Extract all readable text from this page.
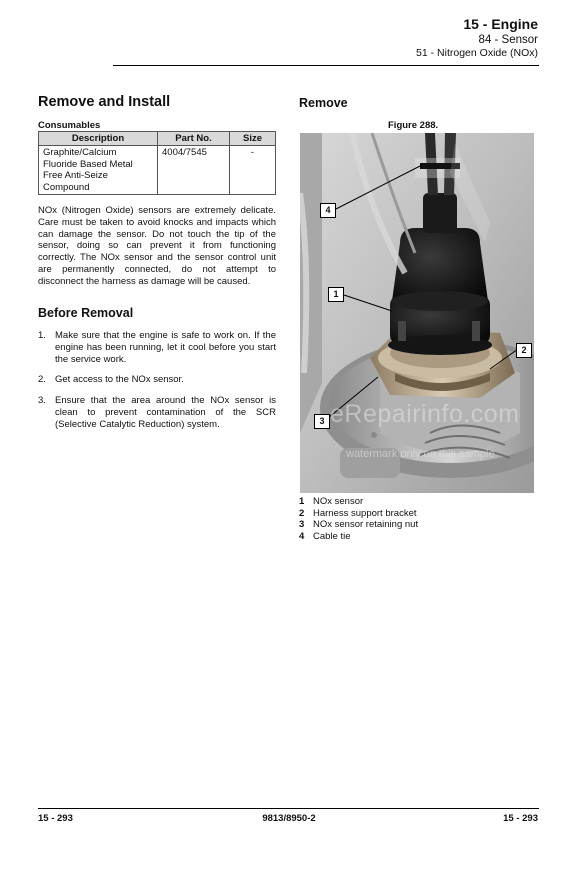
15 - Engine
84 - Sensor
51 - Nitrogen Oxide (NOx)
Remove and Install
Consumables
Description	Part No.	Size
Graphite/Calcium Fluoride Based Metal Free Anti-Seize Compound	4004/7545	-
NOx (Nitrogen Oxide) sensors are extremely delicate. Care must be taken to avoid knocks and impacts which can damage the sensor. Do not touch the tip of the sensor, doing so can prevent it from functioning correctly. The NOx sensor and the sensor control unit are permanently connected, do not attempt to disconnect the harness as damage will be caused.
Before Removal
1. Make sure that the engine is safe to work on. If the engine has been running, let it cool before you start the service work.
2. Get access to the NOx sensor.
3. Ensure that the area around the NOx sensor is clean to prevent contamination of the SCR (Selective Catalytic Reduction) system.
Remove
Figure 288.
4
1
2
3 eRepairinfo.com
watermark only on this sample
1 NOx sensor
2 Harness support bracket
3 NOx sensor retaining nut
4 Cable tie
15 - 293	9813/8950-2	15 - 293
